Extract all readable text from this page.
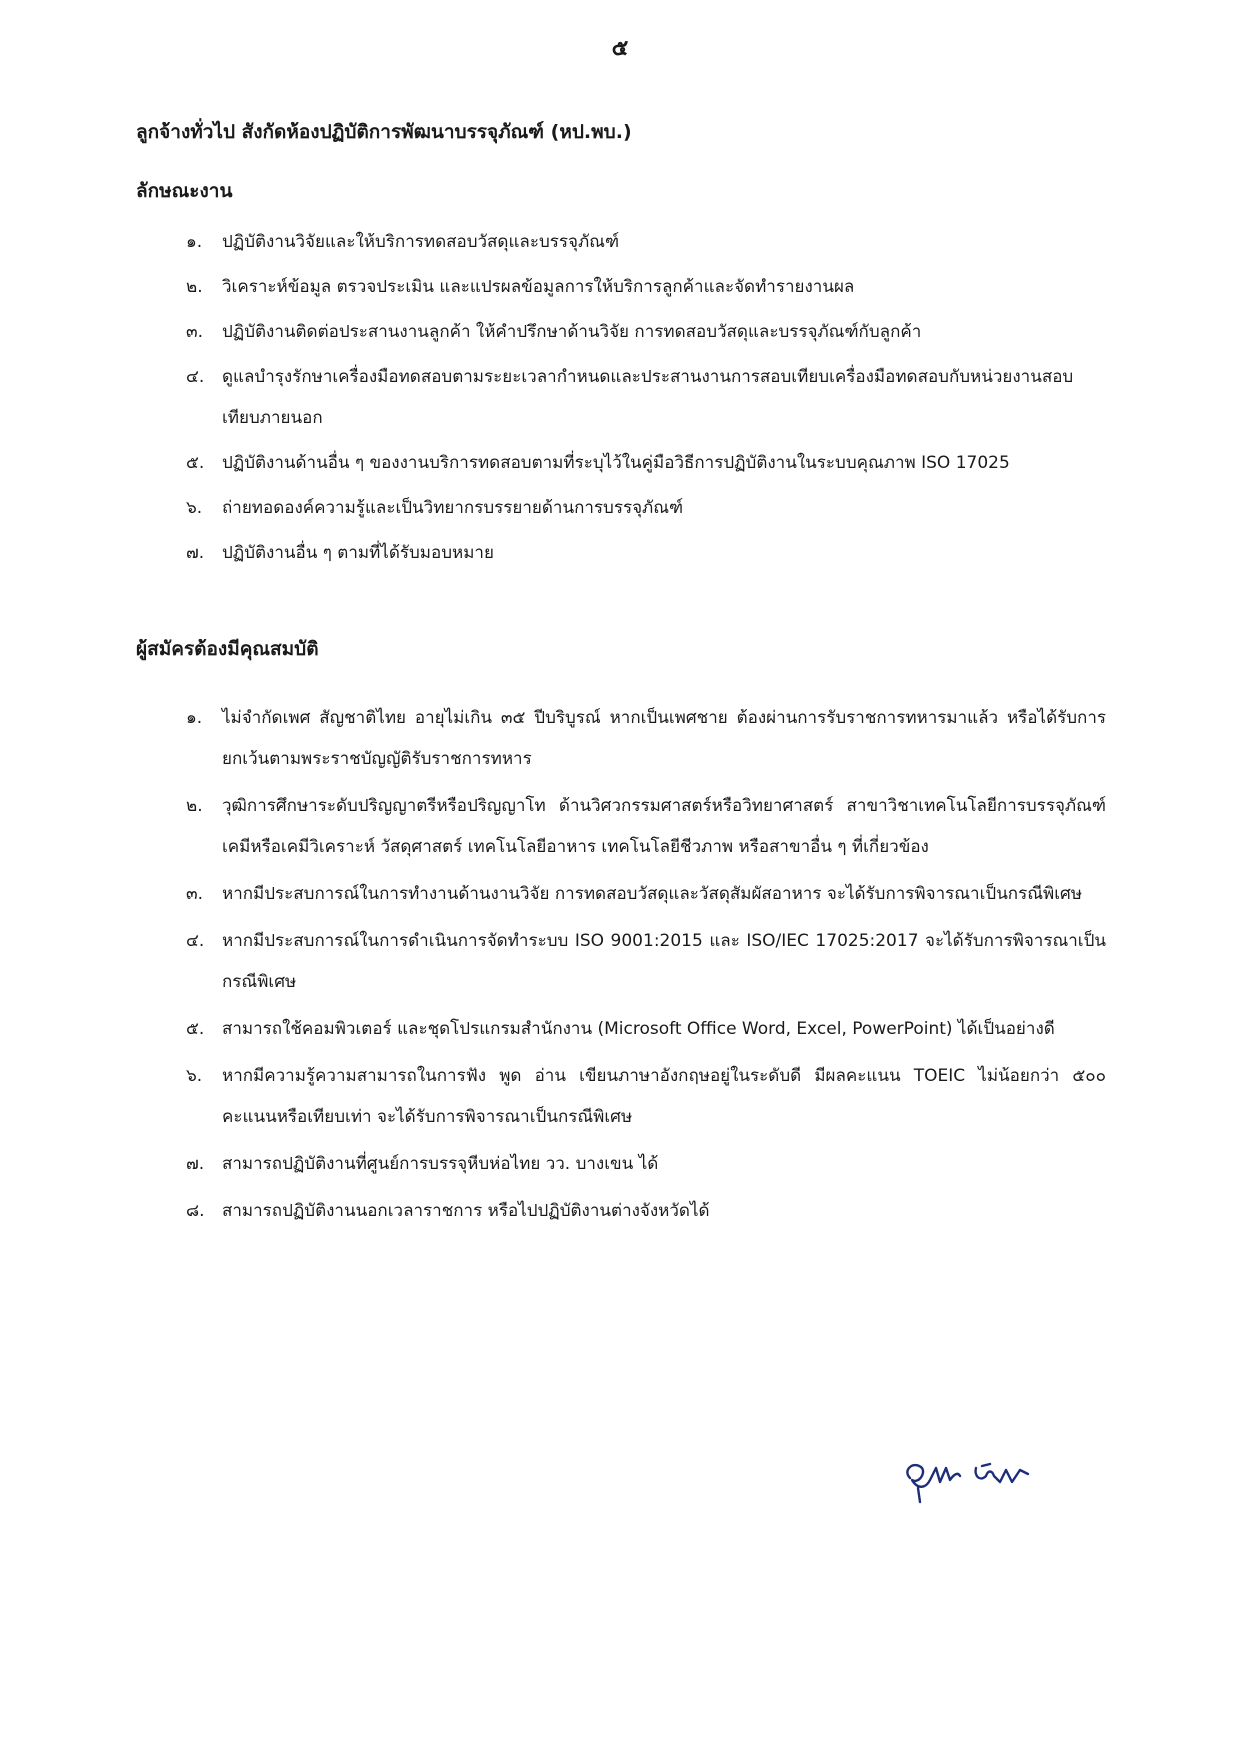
๕
ลูกจ้างทั่วไป สังกัดห้องปฏิบัติการพัฒนาบรรจุภัณฑ์ (หป.พบ.)
ลักษณะงาน
๑.	ปฏิบัติงานวิจัยและให้บริการทดสอบวัสดุและบรรจุภัณฑ์
๒.	วิเคราะห์ข้อมูล ตรวจประเมิน และแปรผลข้อมูลการให้บริการลูกค้าและจัดทำรายงานผล
๓.	ปฏิบัติงานติดต่อประสานงานลูกค้า ให้คำปรึกษาด้านวิจัย การทดสอบวัสดุและบรรจุภัณฑ์กับลูกค้า
๔.	ดูแลบำรุงรักษาเครื่องมือทดสอบตามระยะเวลากำหนดและประสานงานการสอบเทียบเครื่องมือทดสอบกับหน่วยงานสอบเทียบภายนอก
๕.	ปฏิบัติงานด้านอื่น ๆ ของงานบริการทดสอบตามที่ระบุไว้ในคู่มือวิธีการปฏิบัติงานในระบบคุณภาพ ISO 17025
๖.	ถ่ายทอดองค์ความรู้และเป็นวิทยากรบรรยายด้านการบรรจุภัณฑ์
๗.	ปฏิบัติงานอื่น ๆ ตามที่ได้รับมอบหมาย
ผู้สมัครต้องมีคุณสมบัติ
๑.	ไม่จำกัดเพศ สัญชาติไทย อายุไม่เกิน ๓๕ ปีบริบูรณ์ หากเป็นเพศชาย ต้องผ่านการรับราชการทหารมาแล้ว หรือได้รับการยกเว้นตามพระราชบัญญัติรับราชการทหาร
๒.	วุฒิการศึกษาระดับปริญญาตรีหรือปริญญาโท ด้านวิศวกรรมศาสตร์หรือวิทยาศาสตร์ สาขาวิชาเทคโนโลยีการบรรจุภัณฑ์ เคมีหรือเคมีวิเคราะห์ วัสดุศาสตร์ เทคโนโลยีอาหาร เทคโนโลยีชีวภาพ หรือสาขาอื่น ๆ ที่เกี่ยวข้อง
๓.	หากมีประสบการณ์ในการทำงานด้านงานวิจัย การทดสอบวัสดุและวัสดุสัมผัสอาหาร จะได้รับการพิจารณาเป็นกรณีพิเศษ
๔.	หากมีประสบการณ์ในการดำเนินการจัดทำระบบ ISO 9001:2015 และ ISO/IEC 17025:2017 จะได้รับการพิจารณาเป็นกรณีพิเศษ
๕.	สามารถใช้คอมพิวเตอร์ และชุดโปรแกรมสำนักงาน (Microsoft Office Word, Excel, PowerPoint) ได้เป็นอย่างดี
๖.	หากมีความรู้ความสามารถในการฟัง พูด อ่าน เขียนภาษาอังกฤษอยู่ในระดับดี มีผลคะแนน TOEIC ไม่น้อยกว่า ๕๐๐ คะแนนหรือเทียบเท่า จะได้รับการพิจารณาเป็นกรณีพิเศษ
๗.	สามารถปฏิบัติงานที่ศูนย์การบรรจุหีบห่อไทย วว. บางเขน ได้
๘.	สามารถปฏิบัติงานนอกเวลาราชการ หรือไปปฏิบัติงานต่างจังหวัดได้
